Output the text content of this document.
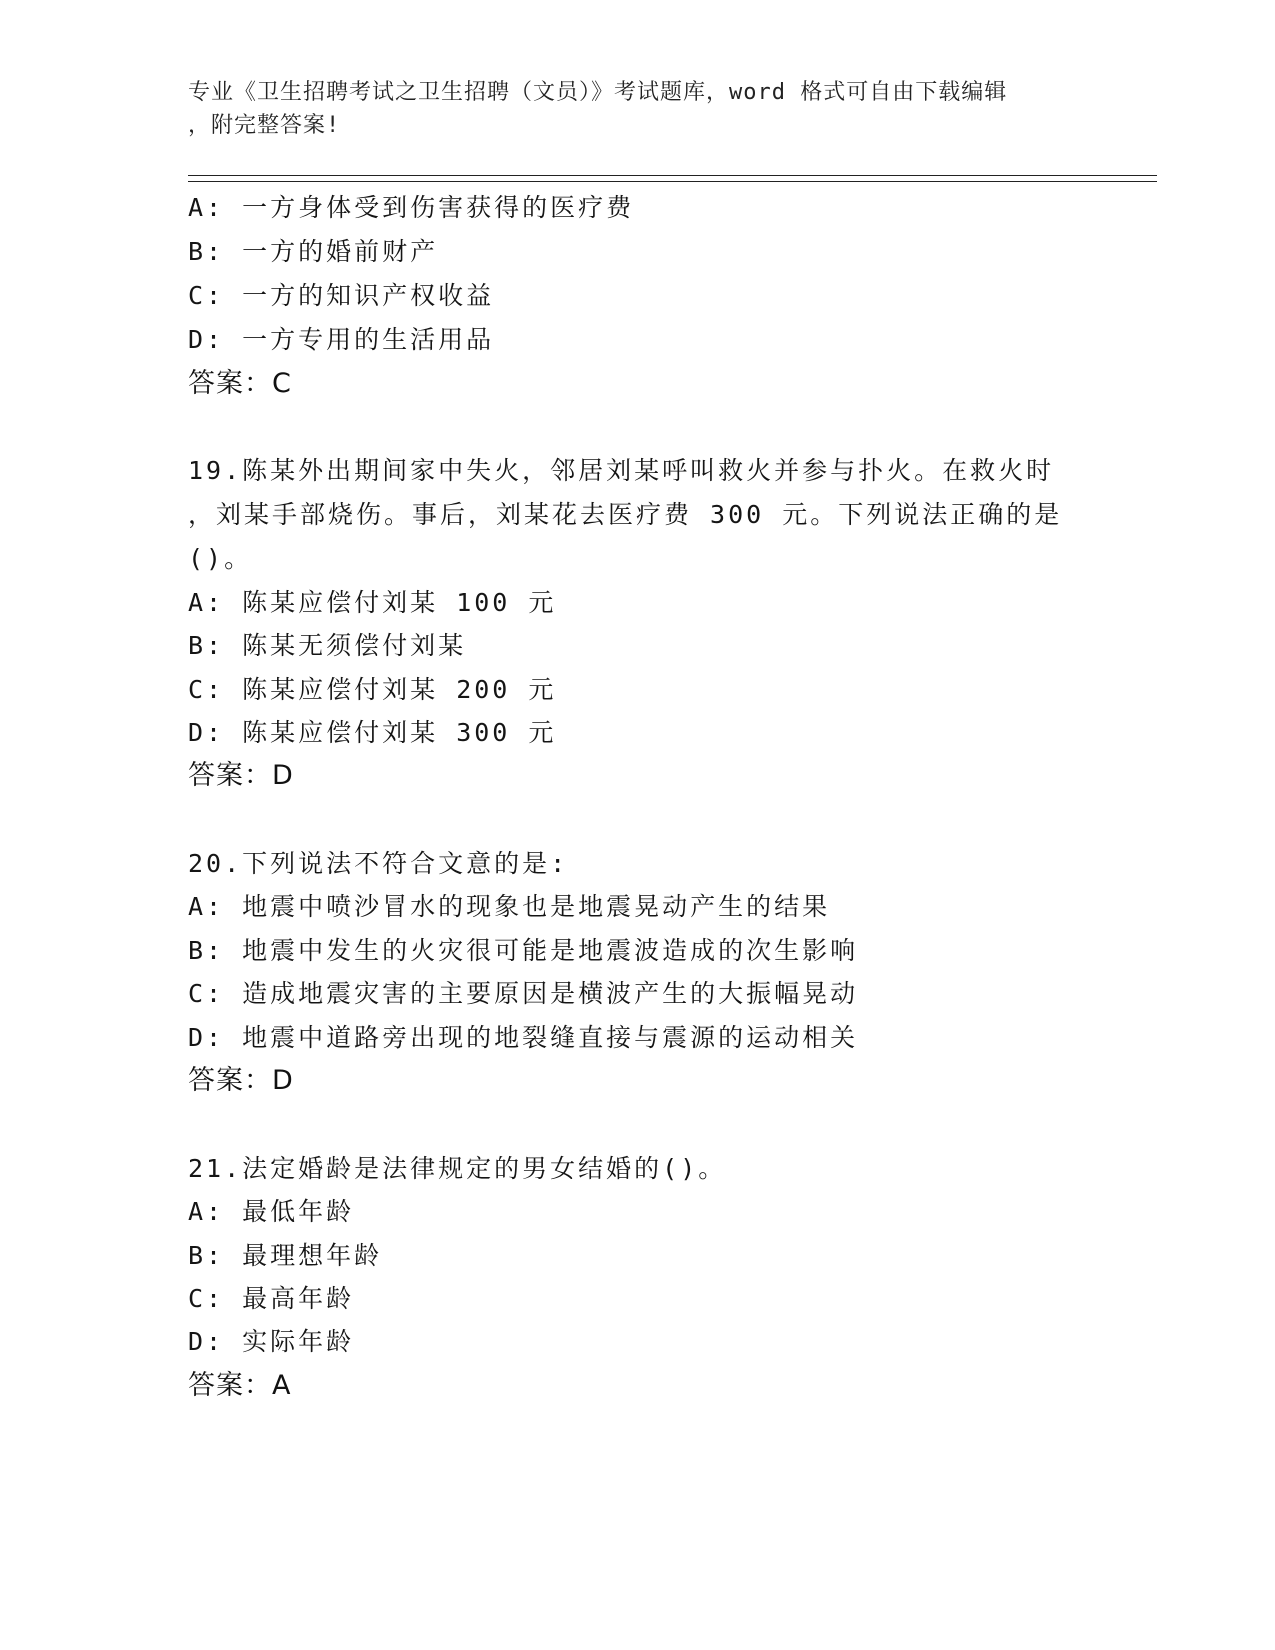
专业《卫生招聘考试之卫生招聘（文员）》考试题库，word 格式可自由下载编辑
，附完整答案!
A: 一方身体受到伤害获得的医疗费
B: 一方的婚前财产
C: 一方的知识产权收益
D: 一方专用的生活用品
答案：C
19.陈某外出期间家中失火，邻居刘某呼叫救火并参与扑火。在救火时
，刘某手部烧伤。事后，刘某花去医疗费 300 元。下列说法正确的是
()。
A: 陈某应偿付刘某 100 元
B: 陈某无须偿付刘某
C: 陈某应偿付刘某 200 元
D: 陈某应偿付刘某 300 元
答案：D
20.下列说法不符合文意的是:
A: 地震中喷沙冒水的现象也是地震晃动产生的结果
B: 地震中发生的火灾很可能是地震波造成的次生影响
C: 造成地震灾害的主要原因是横波产生的大振幅晃动
D: 地震中道路旁出现的地裂缝直接与震源的运动相关
答案：D
21.法定婚龄是法律规定的男女结婚的()。
A: 最低年龄
B: 最理想年龄
C: 最高年龄
D: 实际年龄
答案：A
